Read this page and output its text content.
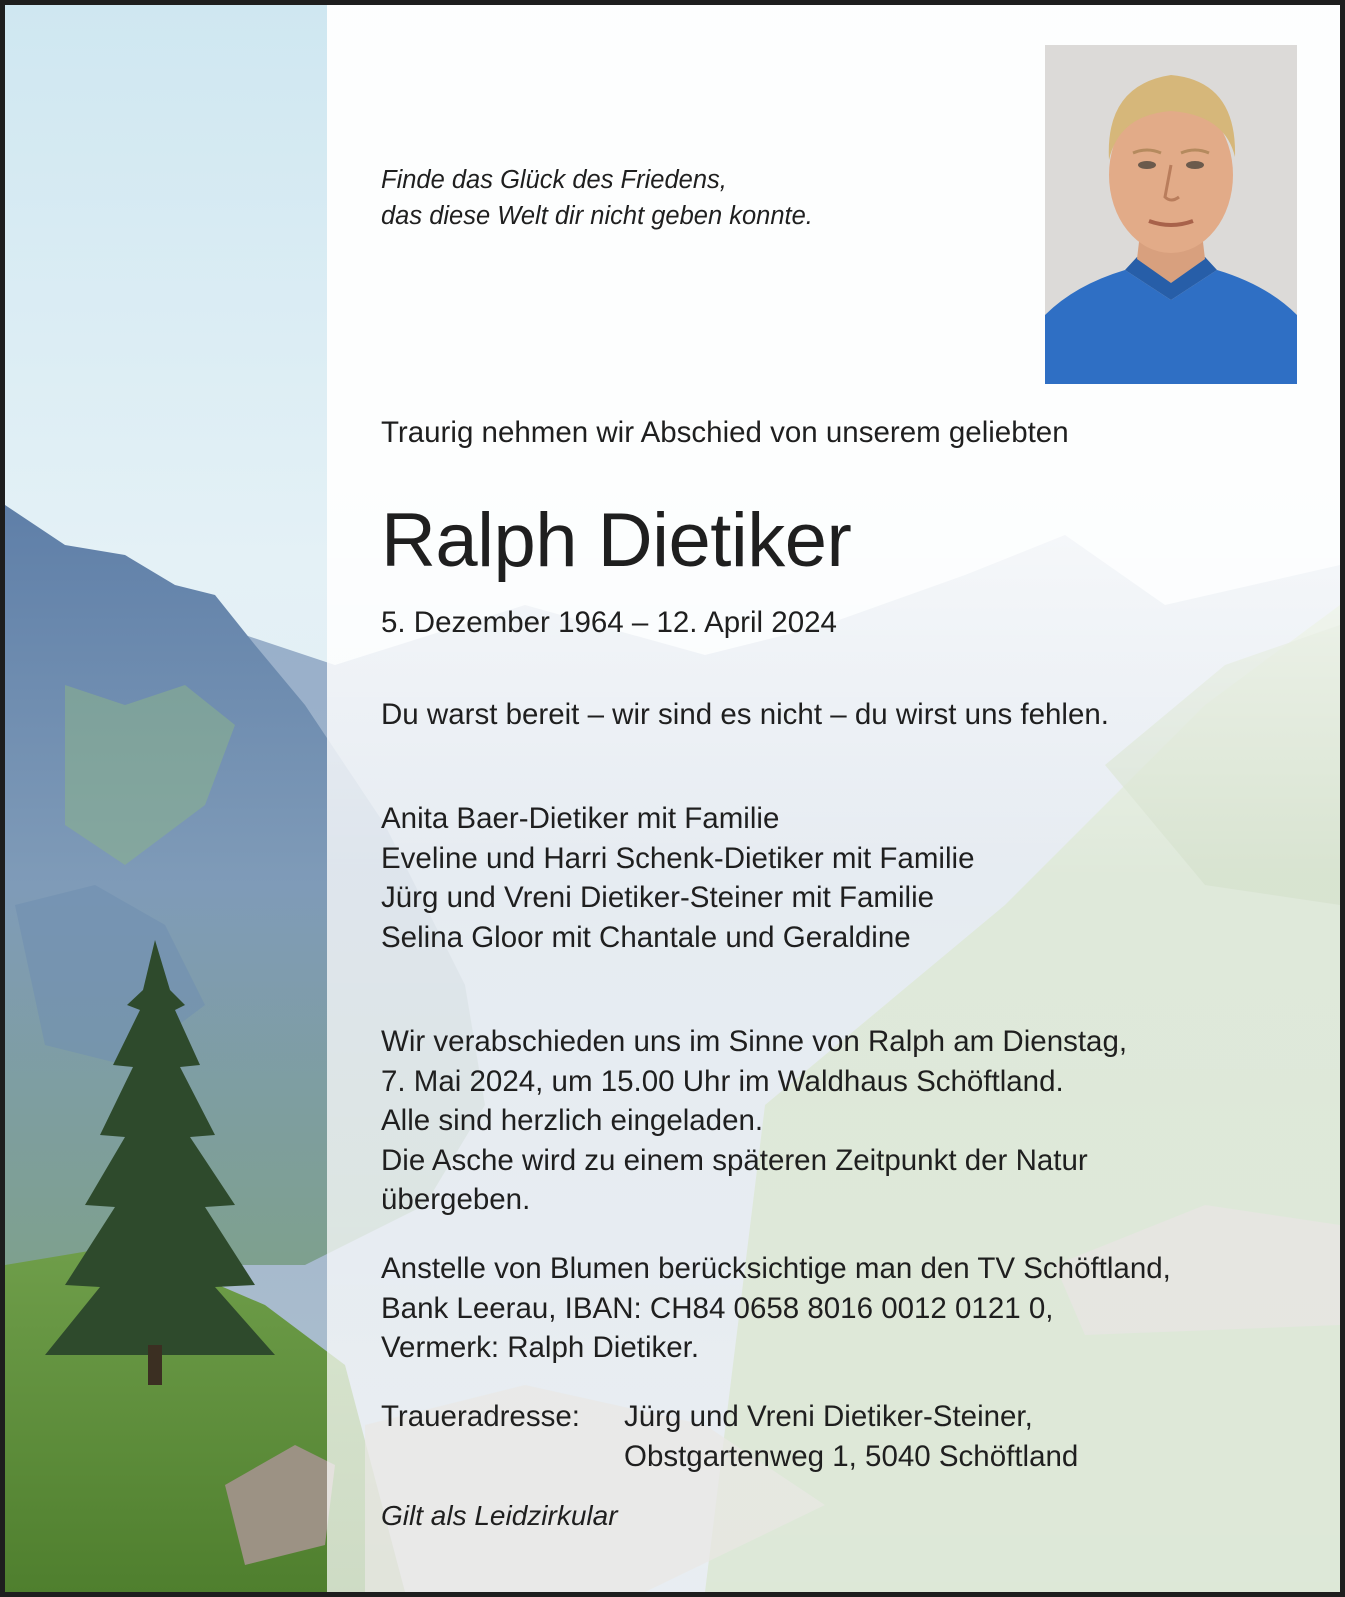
Finde das Glück des Friedens,
das diese Welt dir nicht geben konnte.
Traurig nehmen wir Abschied von unserem geliebten
Ralph Dietiker
5. Dezember 1964 – 12. April 2024
Du warst bereit – wir sind es nicht – du wirst uns fehlen.
Anita Baer-Dietiker mit Familie
Eveline und Harri Schenk-Dietiker mit Familie
Jürg und Vreni Dietiker-Steiner mit Familie
Selina Gloor mit Chantale und Geraldine
Wir verabschieden uns im Sinne von Ralph am Dienstag,
7. Mai 2024, um 15.00 Uhr im Waldhaus Schöftland.
Alle sind herzlich eingeladen.
Die Asche wird zu einem späteren Zeitpunkt der Natur
übergeben.
Anstelle von Blumen berücksichtige man den TV Schöftland,
Bank Leerau, IBAN: CH84 0658 8016 0012 0121 0,
Vermerk: Ralph Dietiker.
Traueradresse:	Jürg und Vreni Dietiker-Steiner,
Obstgartenweg 1, 5040 Schöftland
Gilt als Leidzirkular
